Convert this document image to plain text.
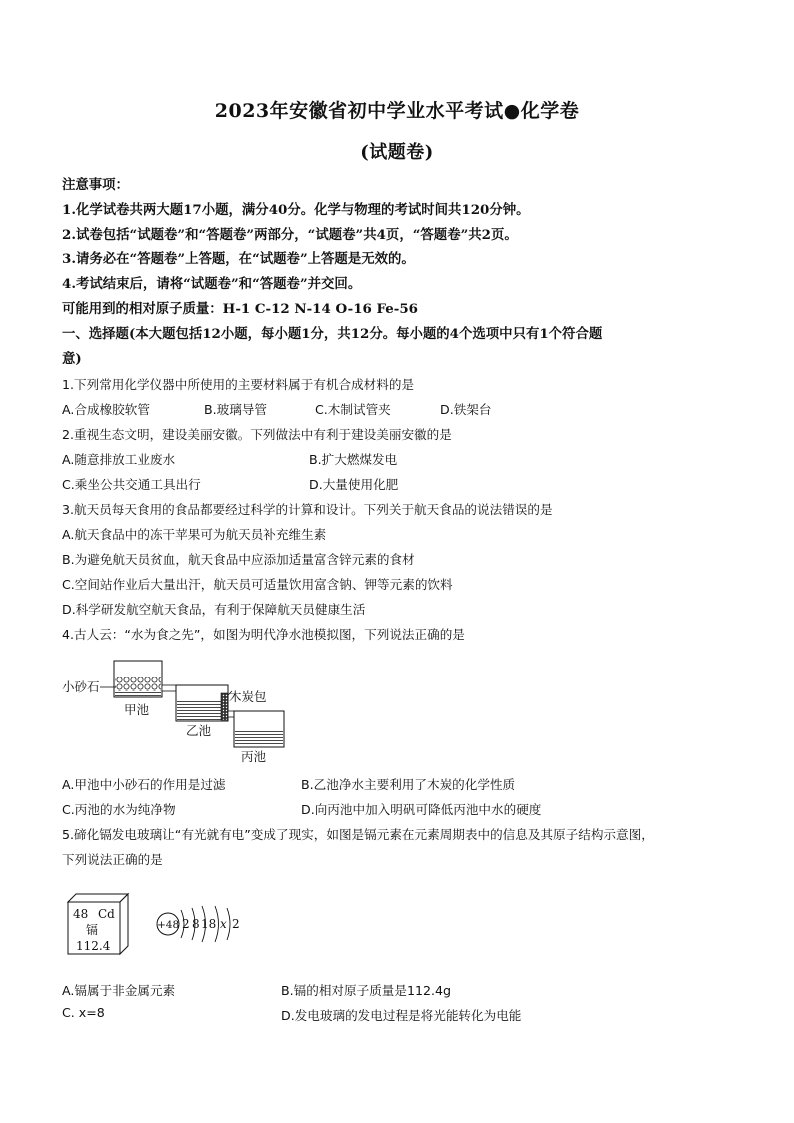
2023年安徽省初中学业水平考试●化学卷
(试题卷)
注意事项：
1.化学试卷共两大题17小题，满分40分。化学与物理的考试时间共120分钟。
2.试卷包括“试题卷”和“答题卷”两部分，“试题卷”共4页，“答题卷”共2页。
3.请务必在“答题卷”上答题，在“试题卷”上答题是无效的。
4.考试结束后，请将“试题卷”和“答题卷”并交回。
可能用到的相对原子质量：H-1 C-12 N-14 O-16 Fe-56
一、选择题(本大题包括12小题，每小题1分，共12分。每小题的4个选项中只有1个符合题
意)
1.下列常用化学仪器中所使用的主要材料属于有机合成材料的是
A.合成橡胶软管	B.玻璃导管	C.木制试管夹	D.铁架台
2.重视生态文明，建设美丽安徽。下列做法中有利于建设美丽安徽的是
A.随意排放工业废水	B.扩大燃煤发电
C.乘坐公共交通工具出行	D.大量使用化肥
3.航天员每天食用的食品都要经过科学的计算和设计。下列关于航天食品的说法错误的是
A.航天食品中的冻干苹果可为航天员补充维生素
B.为避免航天员贫血，航天食品中应添加适量富含锌元素的食材
C.空间站作业后大量出汗，航天员可适量饮用富含钠、钾等元素的饮料
D.科学研发航空航天食品，有利于保障航天员健康生活
4.古人云：“水为食之先”，如图为明代净水池模拟图，下列说法正确的是
小砂石
甲池
木炭包
乙池
丙池
A.甲池中小砂石的作用是过滤	B.乙池净水主要利用了木炭的化学性质
C.丙池的水为纯净物	D.向丙池中加入明矾可降低丙池中水的硬度
5.碲化镉发电玻璃让“有光就有电”变成了现实，如图是镉元素在元素周期表中的信息及其原子结构示意图，
下列说法正确的是
48 Cd
镉
112.4
+48 2 8 18 x 2
A.镉属于非金属元素	B.镉的相对原子质量是112.4g
C. x=8	D.发电玻璃的发电过程是将光能转化为电能
